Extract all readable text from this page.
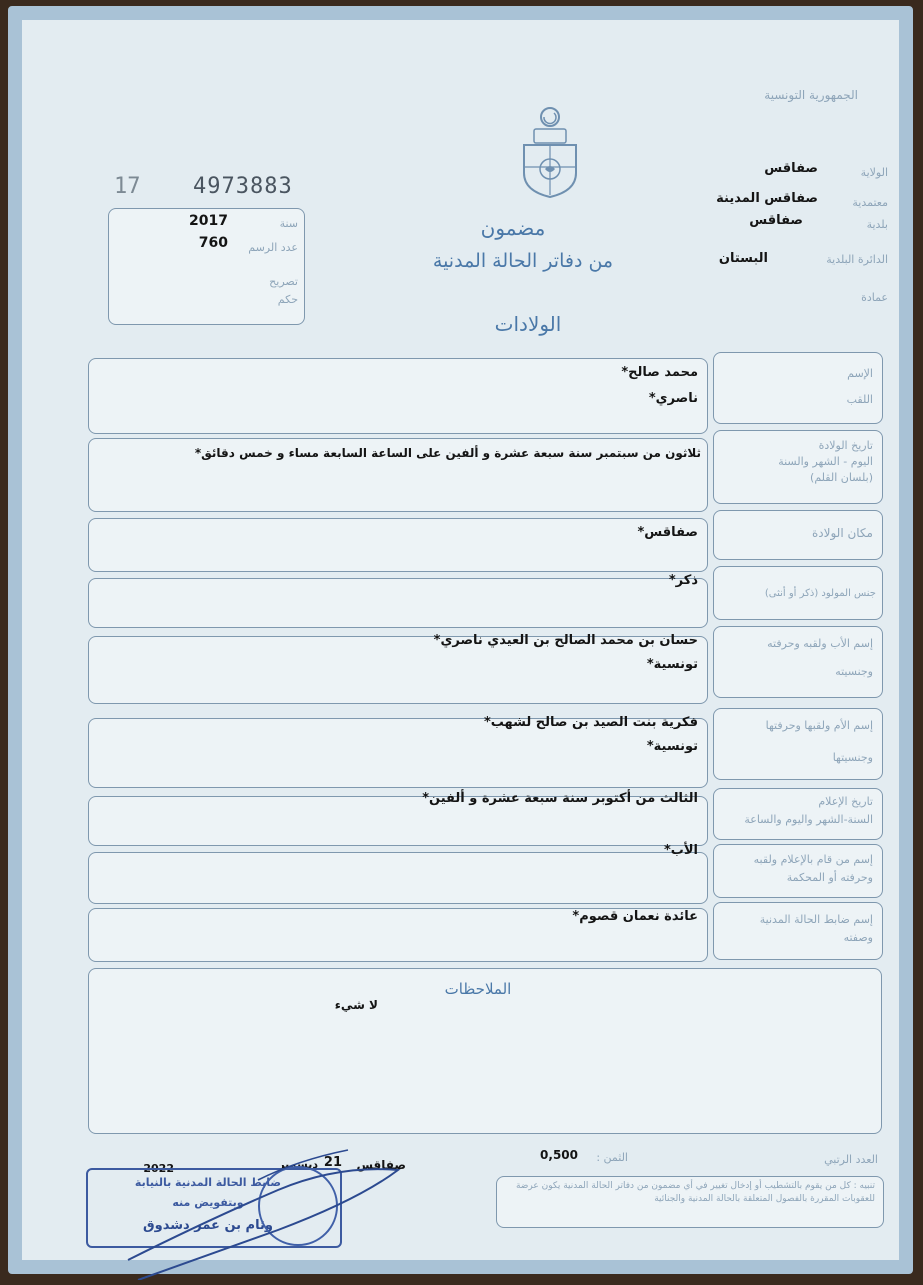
الجمهورية التونسية
17 4973883
سنة
2017
عدد الرسم
760
تصريح
حكم
مضمون
من دفاتر الحالة المدنية
الولادات
الولاية
صفاقس
معتمدية
صفاقس المدينة
بلدية
صفاقس
الدائرة البلدية
البستان
عمادة
الإسم
اللقب
محمد صالح*
ناصري*
تاريخ الولادة
اليوم - الشهر والسنة
(بلسان القلم)
ثلاثون من سبتمبر سنة سبعة عشرة و ألفين على الساعة السابعة مساء و خمس دقائق*
مكان الولادة
صفاقس*
جنس المولود (ذكر أو أنثى)
ذكر*
إسم الأب ولقبه وحرفته
وجنسيته
حسان بن محمد الصالح بن العيدي ناصري*
تونسية*
إسم الأم ولقبها وحرفتها
وجنسيتها
فكرية بنت الصيد بن صالح لشهب*
تونسية*
تاريخ الإعلام
السنة-الشهر واليوم والساعة
الثالث من أكتوبر سنة سبعة عشرة و ألفين*
إسم من قام بالإعلام ولقبه
وحرفته أو المحكمة
الأب*
إسم ضابط الحالة المدنية
وصفته
عائدة نعمان قصوم*
الملاحظات
لا شيء
العدد الرتبي
الثمن :
0,500
صفاقس
21
ديسمبر
2022
تنبيه : كل من يقوم بالتشطيب أو إدخال تغيير في أي مضمون من دفاتر الحالة المدنية يكون عرضة للعقوبات المقررة بالفصول المتعلقة بالحالة المدنية والجنائية
ضابط الحالة المدنية بالنيابة
وبتفويض منه
وئام بن عمر دشدوق
